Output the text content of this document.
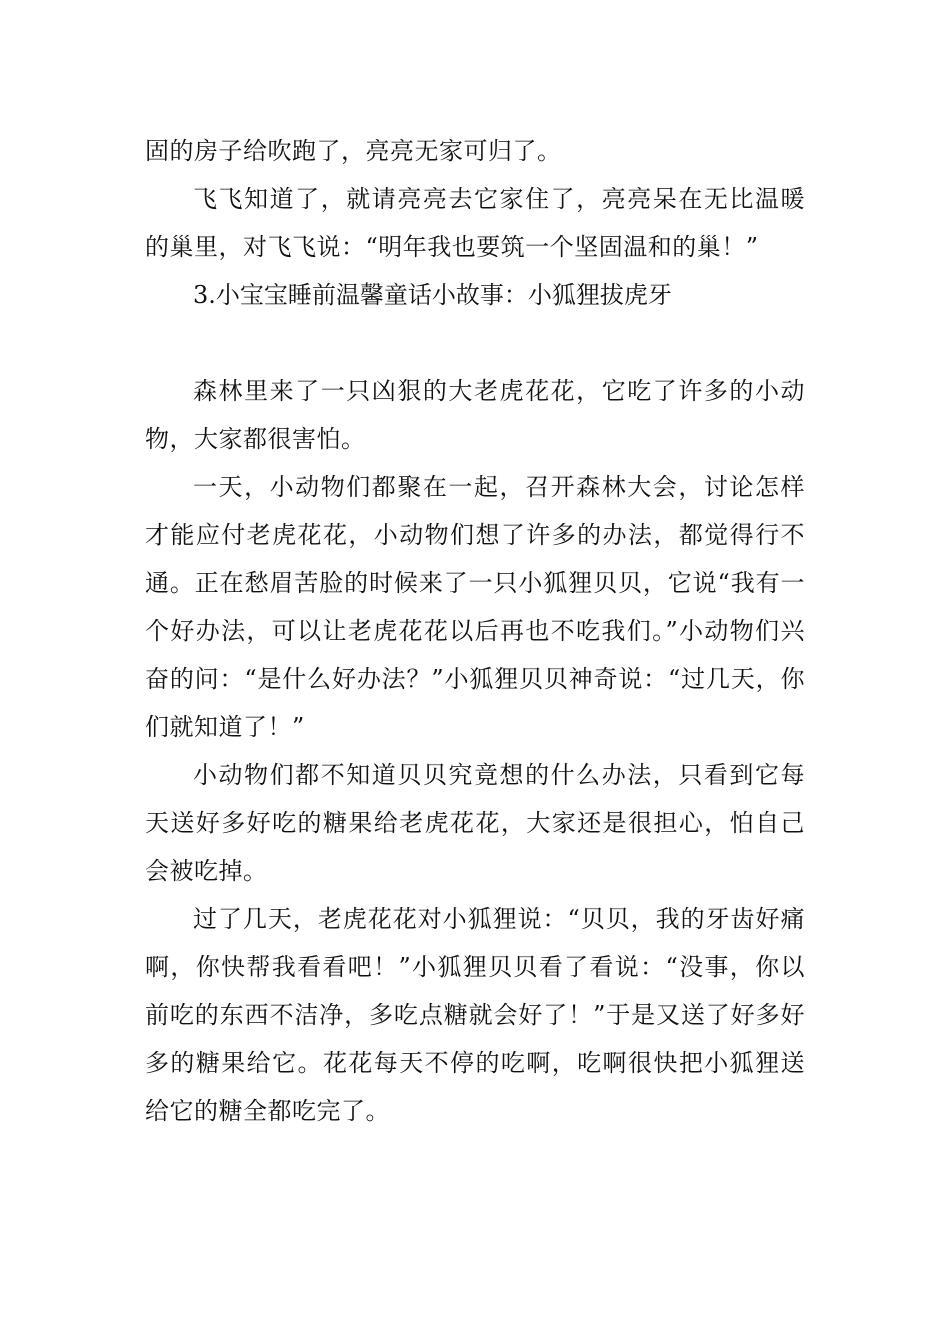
固的房子给吹跑了，亮亮无家可归了。

飞飞知道了，就请亮亮去它家住了，亮亮呆在无比温暖的巢里，对飞飞说：“明年我也要筑一个坚固温和的巢！”

3.小宝宝睡前温馨童话小故事：小狐狸拔虎牙

森林里来了一只凶狠的大老虎花花，它吃了许多的小动物，大家都很害怕。

一天，小动物们都聚在一起，召开森林大会，讨论怎样才能应付老虎花花，小动物们想了许多的办法，都觉得行不通。正在愁眉苦脸的时候来了一只小狐狸贝贝，它说“我有一个好办法，可以让老虎花花以后再也不吃我们。”小动物们兴奋的问：“是什么好办法？”小狐狸贝贝神奇说：“过几天，你们就知道了！”

小动物们都不知道贝贝究竟想的什么办法，只看到它每天送好多好吃的糖果给老虎花花，大家还是很担心，怕自己会被吃掉。

过了几天，老虎花花对小狐狸说：“贝贝，我的牙齿好痛啊，你快帮我看看吧！”小狐狸贝贝看了看说：“没事，你以前吃的东西不洁净，多吃点糖就会好了！”于是又送了好多好多的糖果给它。花花每天不停的吃啊，吃啊很快把小狐狸送给它的糖全都吃完了。
